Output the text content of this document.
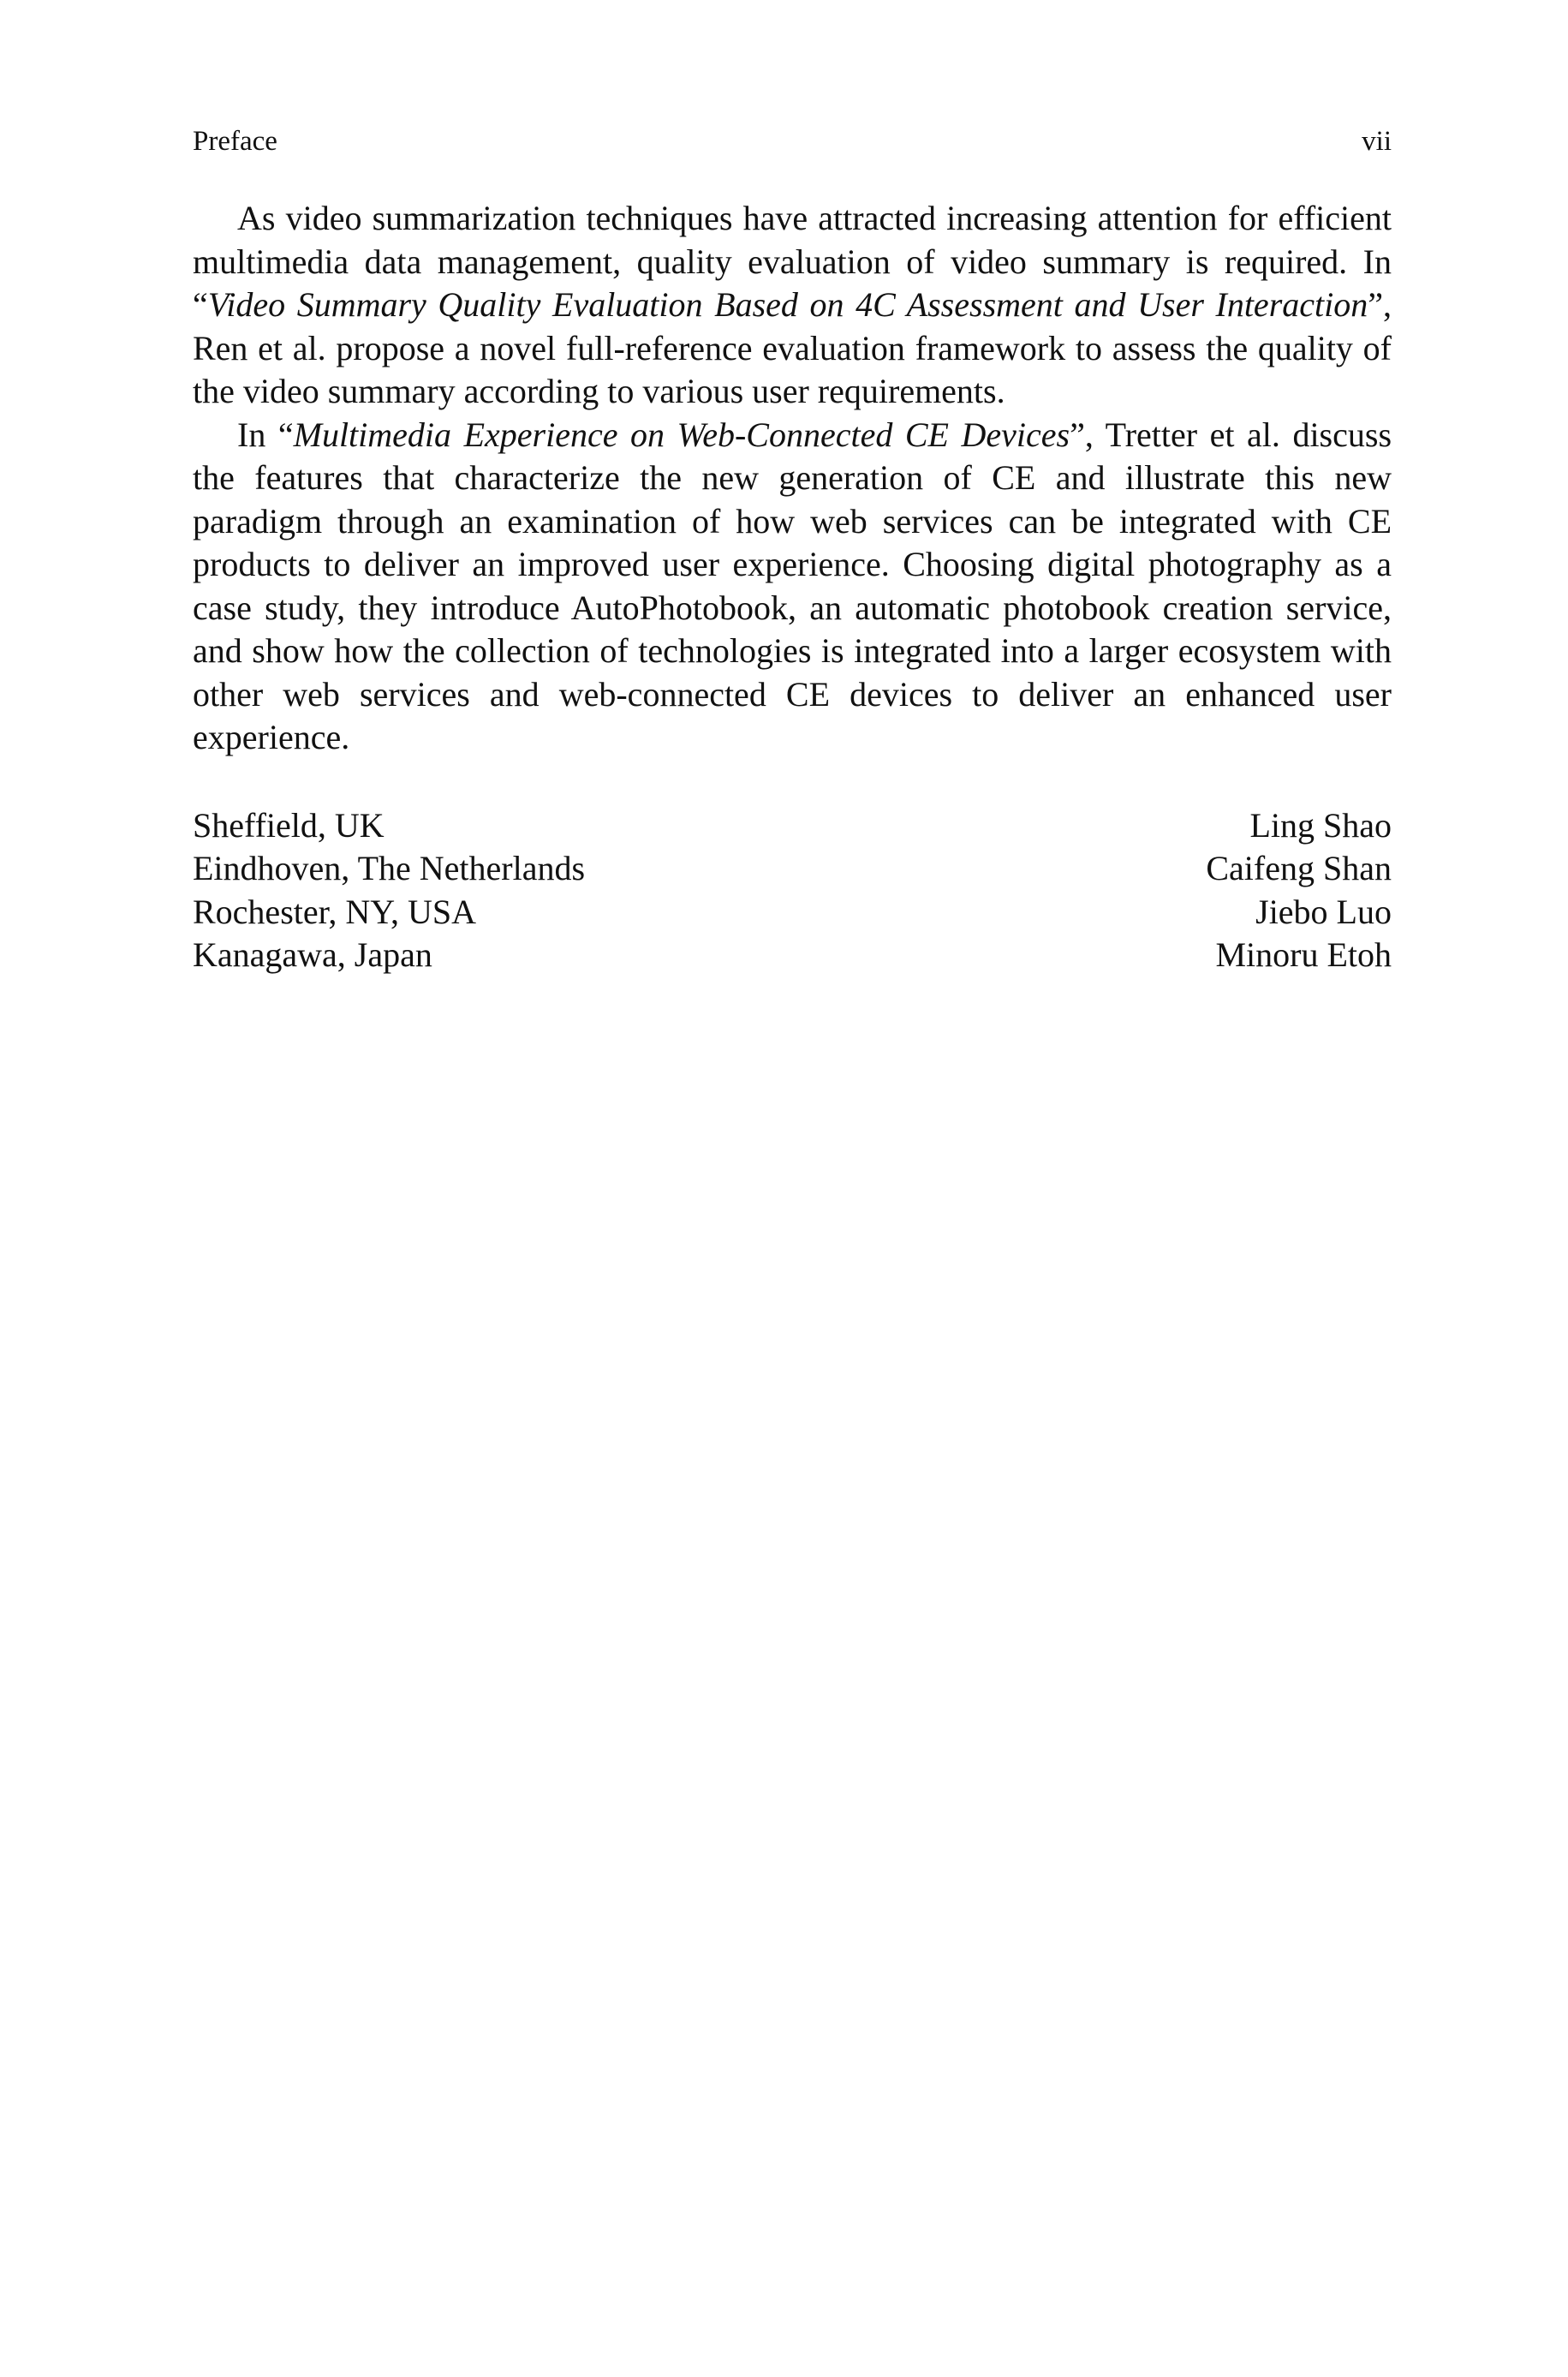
Preface	vii

As video summarization techniques have attracted increasing attention for efficient multimedia data management, quality evaluation of video summary is required. In “Video Summary Quality Evaluation Based on 4C Assessment and User Interaction”, Ren et al. propose a novel full-reference evaluation framework to assess the quality of the video summary according to various user requirements.

In “Multimedia Experience on Web-Connected CE Devices”, Tretter et al. discuss the features that characterize the new generation of CE and illustrate this new paradigm through an examination of how web services can be integrated with CE products to deliver an improved user experience. Choosing digital photography as a case study, they introduce AutoPhotobook, an automatic photobook creation service, and show how the collection of technologies is integrated into a larger ecosystem with other web services and web-connected CE devices to deliver an enhanced user experience.

Sheffield, UK
Eindhoven, The Netherlands
Rochester, NY, USA
Kanagawa, Japan
Ling Shao
Caifeng Shan
Jiebo Luo
Minoru Etoh
